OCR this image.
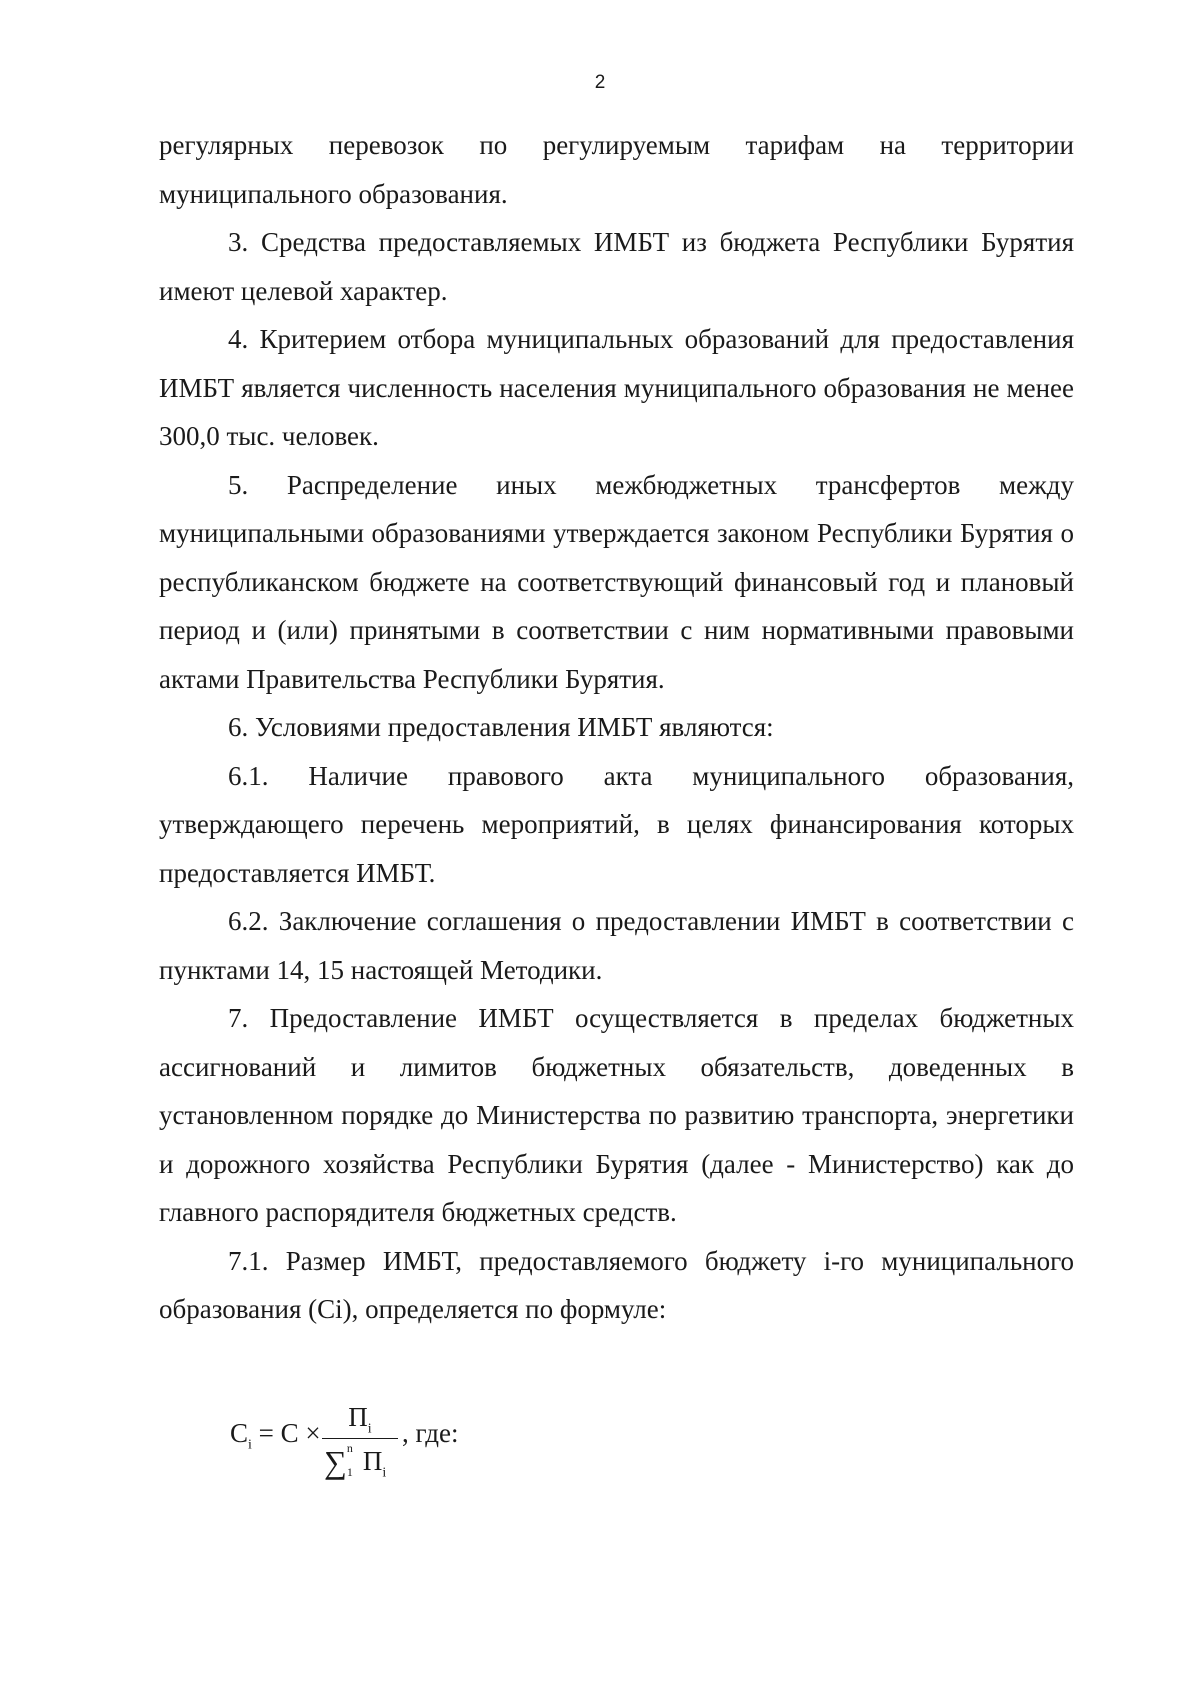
2

регулярных перевозок по регулируемым тарифам на территории муниципального образования.

3. Средства предоставляемых ИМБТ из бюджета Республики Бурятия имеют целевой характер.

4. Критерием отбора муниципальных образований для предоставления ИМБТ является численность населения муниципального образования не менее 300,0 тыс. человек.

5. Распределение иных межбюджетных трансфертов между муниципальными образованиями утверждается законом Республики Бурятия о республиканском бюджете на соответствующий финансовый год и плановый период и (или) принятыми в соответствии с ним нормативными правовыми актами Правительства Республики Бурятия.

6. Условиями предоставления ИМБТ являются:

6.1. Наличие правового акта муниципального образования, утверждающего перечень мероприятий, в целях финансирования которых предоставляется ИМБТ.

6.2. Заключение соглашения о предоставлении ИМБТ в соответствии с пунктами 14, 15 настоящей Методики.

7. Предоставление ИМБТ осуществляется в пределах бюджетных ассигнований и лимитов бюджетных обязательств, доведенных в установленном порядке до Министерства по развитию транспорта, энергетики и дорожного хозяйства Республики Бурятия (далее - Министерство) как до главного распорядителя бюджетных средств.

7.1. Размер ИМБТ, предоставляемого бюджету i-го муниципального образования (Ci), определяется по формуле:

$C_i = C$ ×
$П_i$
∑ n
1 $П_i$
, где:
